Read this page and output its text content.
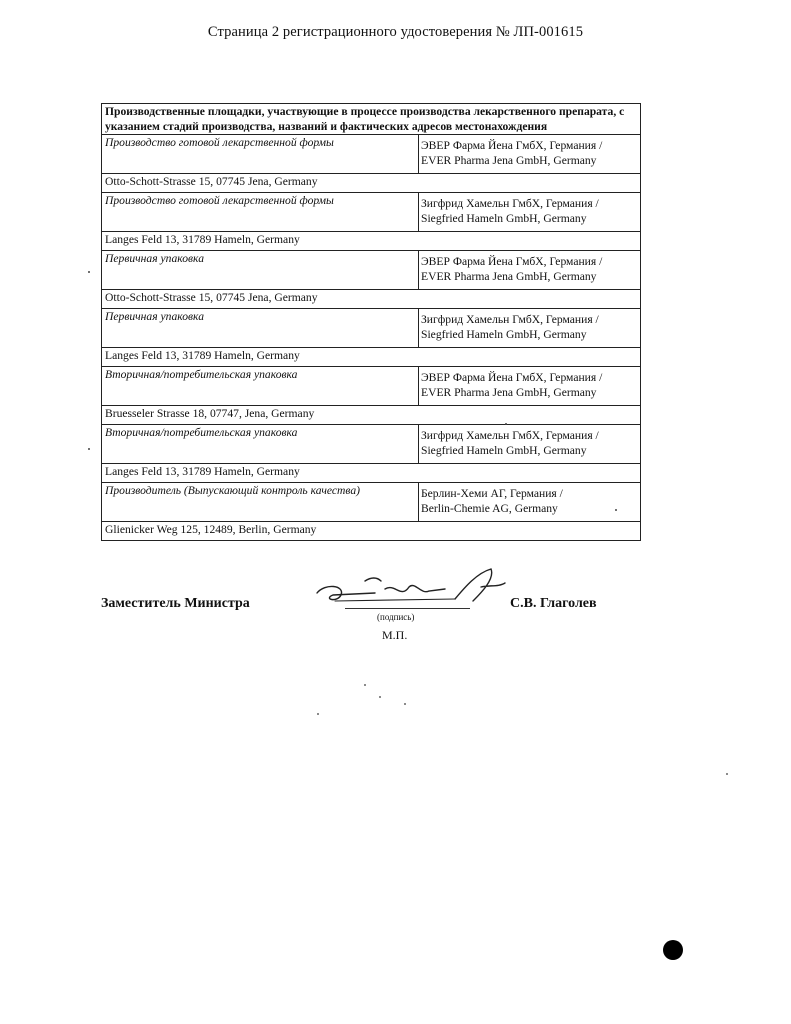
Страница 2 регистрационного удостоверения № ЛП-001615
Производственные площадки, участвующие в процессе производства лекарственного препарата, с указанием стадий производства, названий и фактических адресов местонахождения	
Производство готовой лекарственной формы	ЭВЕР Фарма Йена ГмбХ, Германия /
EVER Pharma Jena GmbH, Germany

Otto-Schott-Strasse 15, 07745 Jena, Germany	
Производство готовой лекарственной формы	Зигфрид Хамельн ГмбХ, Германия /
Siegfried Hameln GmbH, Germany

Langes Feld 13, 31789 Hameln, Germany	
Первичная упаковка	ЭВЕР Фарма Йена ГмбХ, Германия /
EVER Pharma Jena GmbH, Germany

Otto-Schott-Strasse 15, 07745 Jena, Germany	
Первичная упаковка	Зигфрид Хамельн ГмбХ, Германия /
Siegfried Hameln GmbH, Germany

Langes Feld 13, 31789 Hameln, Germany	
Вторичная/потребительская упаковка	ЭВЕР Фарма Йена ГмбХ, Германия /
EVER Pharma Jena GmbH, Germany

Bruesseler Strasse 18, 07747, Jena, Germany	
Вторичная/потребительская упаковка	Зигфрид Хамельн ГмбХ, Германия /
Siegfried Hameln GmbH, Germany

Langes Feld 13, 31789 Hameln, Germany	
Производитель (Выпускающий контроль качества)	Берлин-Хеми АГ, Германия /
Berlin-Chemie AG, Germany

Glienicker Weg 125, 12489, Berlin, Germany	
Заместитель Министра
(подпись)
С.В. Глаголев
М.П.
